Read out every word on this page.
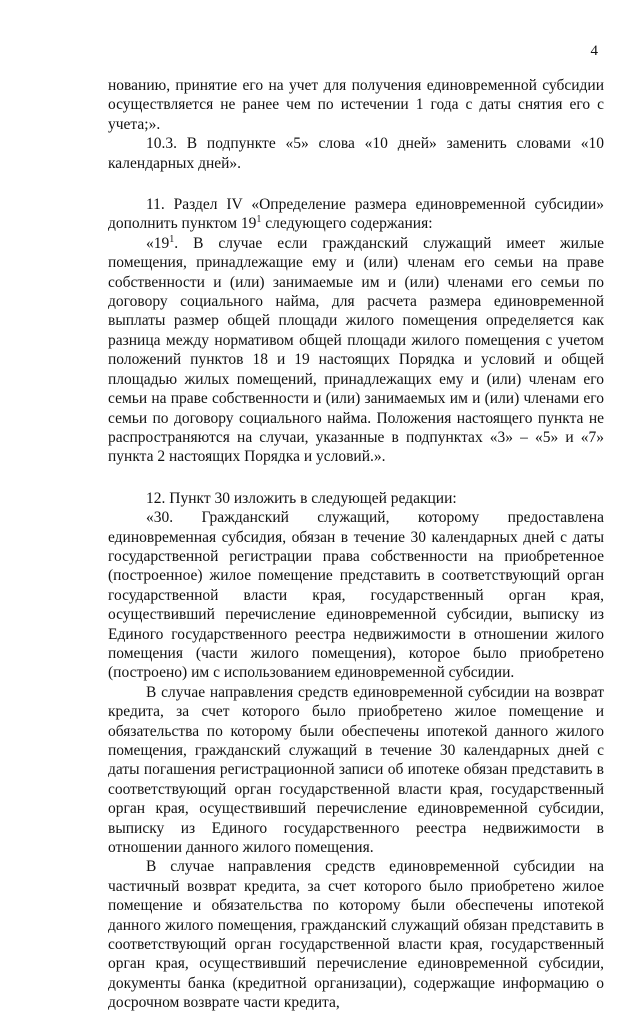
4

нованию, принятие его на учет для получения единовременной субсидии осуществляется не ранее чем по истечении 1 года с даты снятия его с учета;».

10.3. В подпункте «5» слова «10 дней» заменить словами «10 календарных дней».

11. Раздел IV «Определение размера единовременной субсидии» дополнить пунктом $19^1$ следующего содержания:

«$19^1$. В случае если гражданский служащий имеет жилые помещения, принадлежащие ему и (или) членам его семьи на праве собственности и (или) занимаемые им и (или) членами его семьи по договору социального найма, для расчета размера единовременной выплаты размер общей площади жилого помещения определяется как разница между нормативом общей площади жилого помещения с учетом положений пунктов 18 и 19 настоящих Порядка и условий и общей площадью жилых помещений, принадлежащих ему и (или) членам его семьи на праве собственности и (или) занимаемых им и (или) членами его семьи по договору социального найма. Положения настоящего пункта не распространяются на случаи, указанные в подпунктах «3» – «5» и «7» пункта 2 настоящих Порядка и условий.».

12. Пункт 30 изложить в следующей редакции:

«30. Гражданский служащий, которому предоставлена единовременная субсидия, обязан в течение 30 календарных дней с даты государственной регистрации права собственности на приобретенное (построенное) жилое помещение представить в соответствующий орган государственной власти края, государственный орган края, осуществивший перечисление единовременной субсидии, выписку из Единого государственного реестра недвижимости в отношении жилого помещения (части жилого помещения), которое было приобретено (построено) им с использованием единовременной субсидии.

В случае направления средств единовременной субсидии на возврат кредита, за счет которого было приобретено жилое помещение и обязательства по которому были обеспечены ипотекой данного жилого помещения, гражданский служащий в течение 30 календарных дней с даты погашения регистрационной записи об ипотеке обязан представить в соответствующий орган государственной власти края, государственный орган края, осуществивший перечисление единовременной субсидии, выписку из Единого государственного реестра недвижимости в отношении данного жилого помещения.

В случае направления средств единовременной субсидии на частичный возврат кредита, за счет которого было приобретено жилое помещение и обязательства по которому были обеспечены ипотекой данного жилого помещения, гражданский служащий обязан представить в соответствующий орган государственной власти края, государственный орган края, осуществивший перечисление единовременной субсидии, документы банка (кредитной организации), содержащие информацию о досрочном возврате части кредита,
